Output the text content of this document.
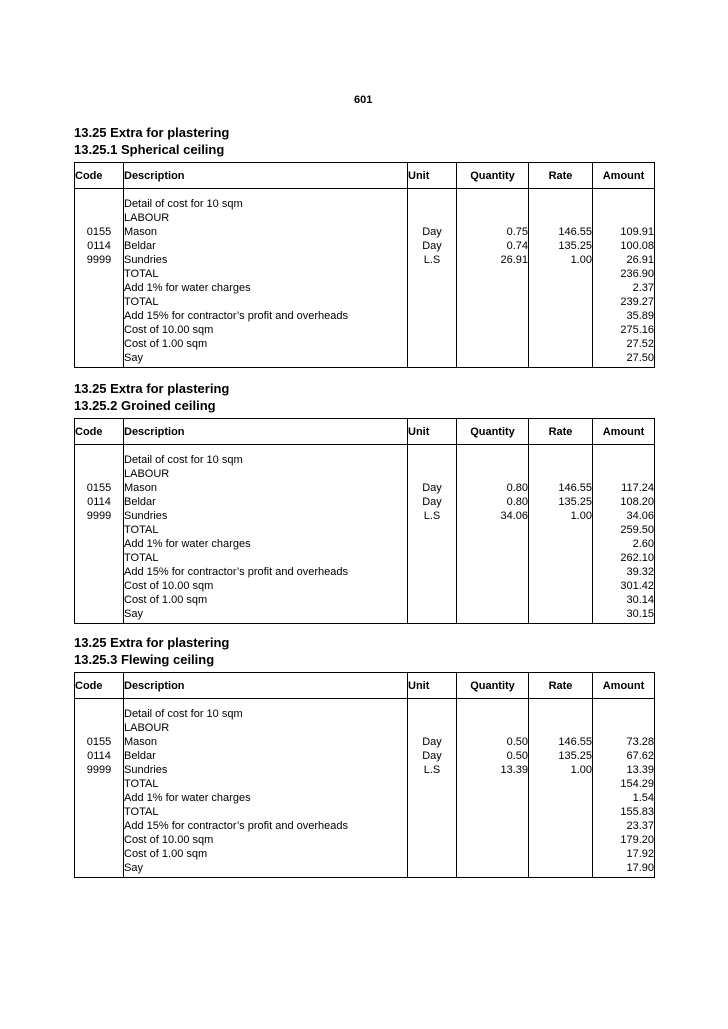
601
13.25 Extra for plastering
13.25.1 Spherical ceiling
Code	Description	Unit	Quantity	Rate	Amount

	Detail of cost for 10 sqm				
	LABOUR				
0155	Mason	Day	0.75	146.55	109.91
0114	Beldar	Day	0.74	135.25	100.08
9999	Sundries	L.S	26.91	1.00	26.91
	TOTAL				236.90
	Add 1% for water charges				2.37
	TOTAL				239.27
	Add 15% for contractor’s profit and overheads				35.89
	Cost of 10.00 sqm				275.16
	Cost of 1.00 sqm				27.52
	Say				27.50
13.25 Extra for plastering
13.25.2 Groined ceiling
Code	Description	Unit	Quantity	Rate	Amount

	Detail of cost for 10 sqm				
	LABOUR				
0155	Mason	Day	0.80	146.55	117.24
0114	Beldar	Day	0.80	135.25	108.20
9999	Sundries	L.S	34.06	1.00	34.06
	TOTAL				259.50
	Add 1% for water charges				2.60
	TOTAL				262.10
	Add 15% for contractor’s profit and overheads				39.32
	Cost of 10.00 sqm				301.42
	Cost of 1.00 sqm				30.14
	Say				30.15
13.25 Extra for plastering
13.25.3 Flewing ceiling
Code	Description	Unit	Quantity	Rate	Amount

	Detail of cost for 10 sqm				
	LABOUR				
0155	Mason	Day	0.50	146.55	73.28
0114	Beldar	Day	0.50	135.25	67.62
9999	Sundries	L.S	13.39	1.00	13.39
	TOTAL				154.29
	Add 1% for water charges				1.54
	TOTAL				155.83
	Add 15% for contractor’s profit and overheads				23.37
	Cost of 10.00 sqm				179.20
	Cost of 1.00 sqm				17.92
	Say				17.90
